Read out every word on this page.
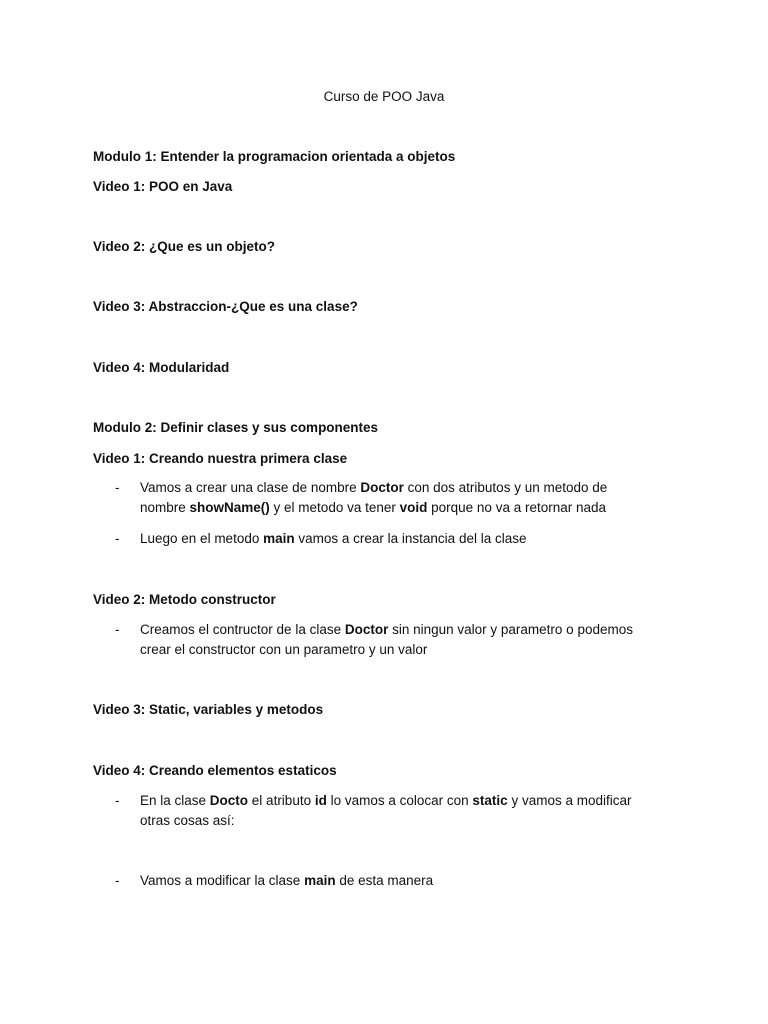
Curso de POO Java
Modulo 1: Entender la programacion orientada a objetos
Video 1: POO en Java
Video 2: ¿Que es un objeto?
Video 3: Abstraccion-¿Que es una clase?
Video 4: Modularidad
Modulo 2: Definir clases y sus componentes
Video 1: Creando nuestra primera clase
- Vamos a crear una clase de nombre Doctor con dos atributos y un metodo de
nombre showName() y el metodo va tener void porque no va a retornar nada
- Luego en el metodo main vamos a crear la instancia del la clase
Video 2: Metodo constructor
- Creamos el contructor de la clase Doctor sin ningun valor y parametro o podemos
crear el constructor con un parametro y un valor
Video 3: Static, variables y metodos
Video 4: Creando elementos estaticos
- En la clase Docto el atributo id lo vamos a colocar con static y vamos a modificar
otras cosas así:
- Vamos a modificar la clase main de esta manera
